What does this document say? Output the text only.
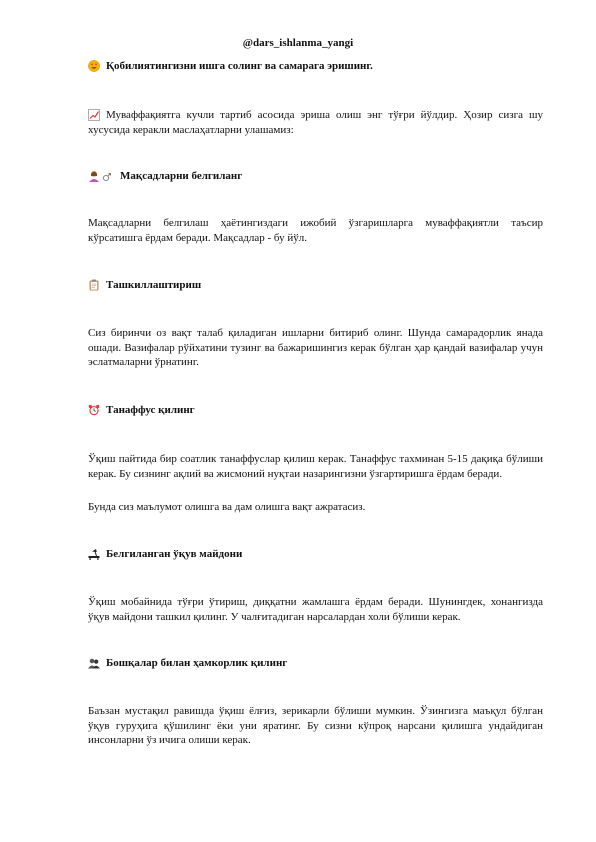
@dars_ishlanma_yangi
Қобилиятингизни ишга солинг ва самарага эришинг.
Муваффақиятга кучли тартиб асосида эриша олиш энг тўғри йўлдир. Ҳозир сизга шу хусусида керакли маслаҳатларни улашамиз:
Мақсадларни белгиланг
Мақсадларни белгилаш ҳаётингиздаги ижобий ўзгаришларга муваффақиятли таъсир кўрсатишга ёрдам беради. Мақсадлар - бу йўл.
Ташкиллаштириш
Сиз биринчи оз вақт талаб қиладиган ишларни битириб олинг. Шунда самарадорлик янада ошади. Вазифалар рўйхатини тузинг ва бажаришингиз керак бўлган ҳар қандай вазифалар учун эслатмаларни ўрнатинг.
Танаффус қилинг
Ўқиш пайтида бир соатлик танаффуслар қилиш керак. Танаффус тахминан 5-15 дақиқа бўлиши керак. Бу сизнинг ақлий ва жисмоний нуқтаи назарингизни ўзгартиришга ёрдам беради.
Бунда сиз маълумот олишга ва дам олишга вақт ажратасиз.
Белгиланган ўқув майдони
Ўқиш мобайнида тўғри ўтириш, диққатни жамлашга ёрдам беради. Шунингдек, хонангизда ўқув майдони ташкил қилинг. У чалғитадиган нарсалардан холи бўлиши керак.
Бошқалар билан ҳамкорлик қилинг
Баъзан мустақил равишда ўқиш ёлғиз, зерикарли бўлиши мумкин. Ўзингизга маъқул бўлган ўқув гуруҳига қўшилинг ёки уни яратинг. Бу сизни кўпроқ нарсани қилишга ундайдиган инсонларни ўз ичига олиши керак.
